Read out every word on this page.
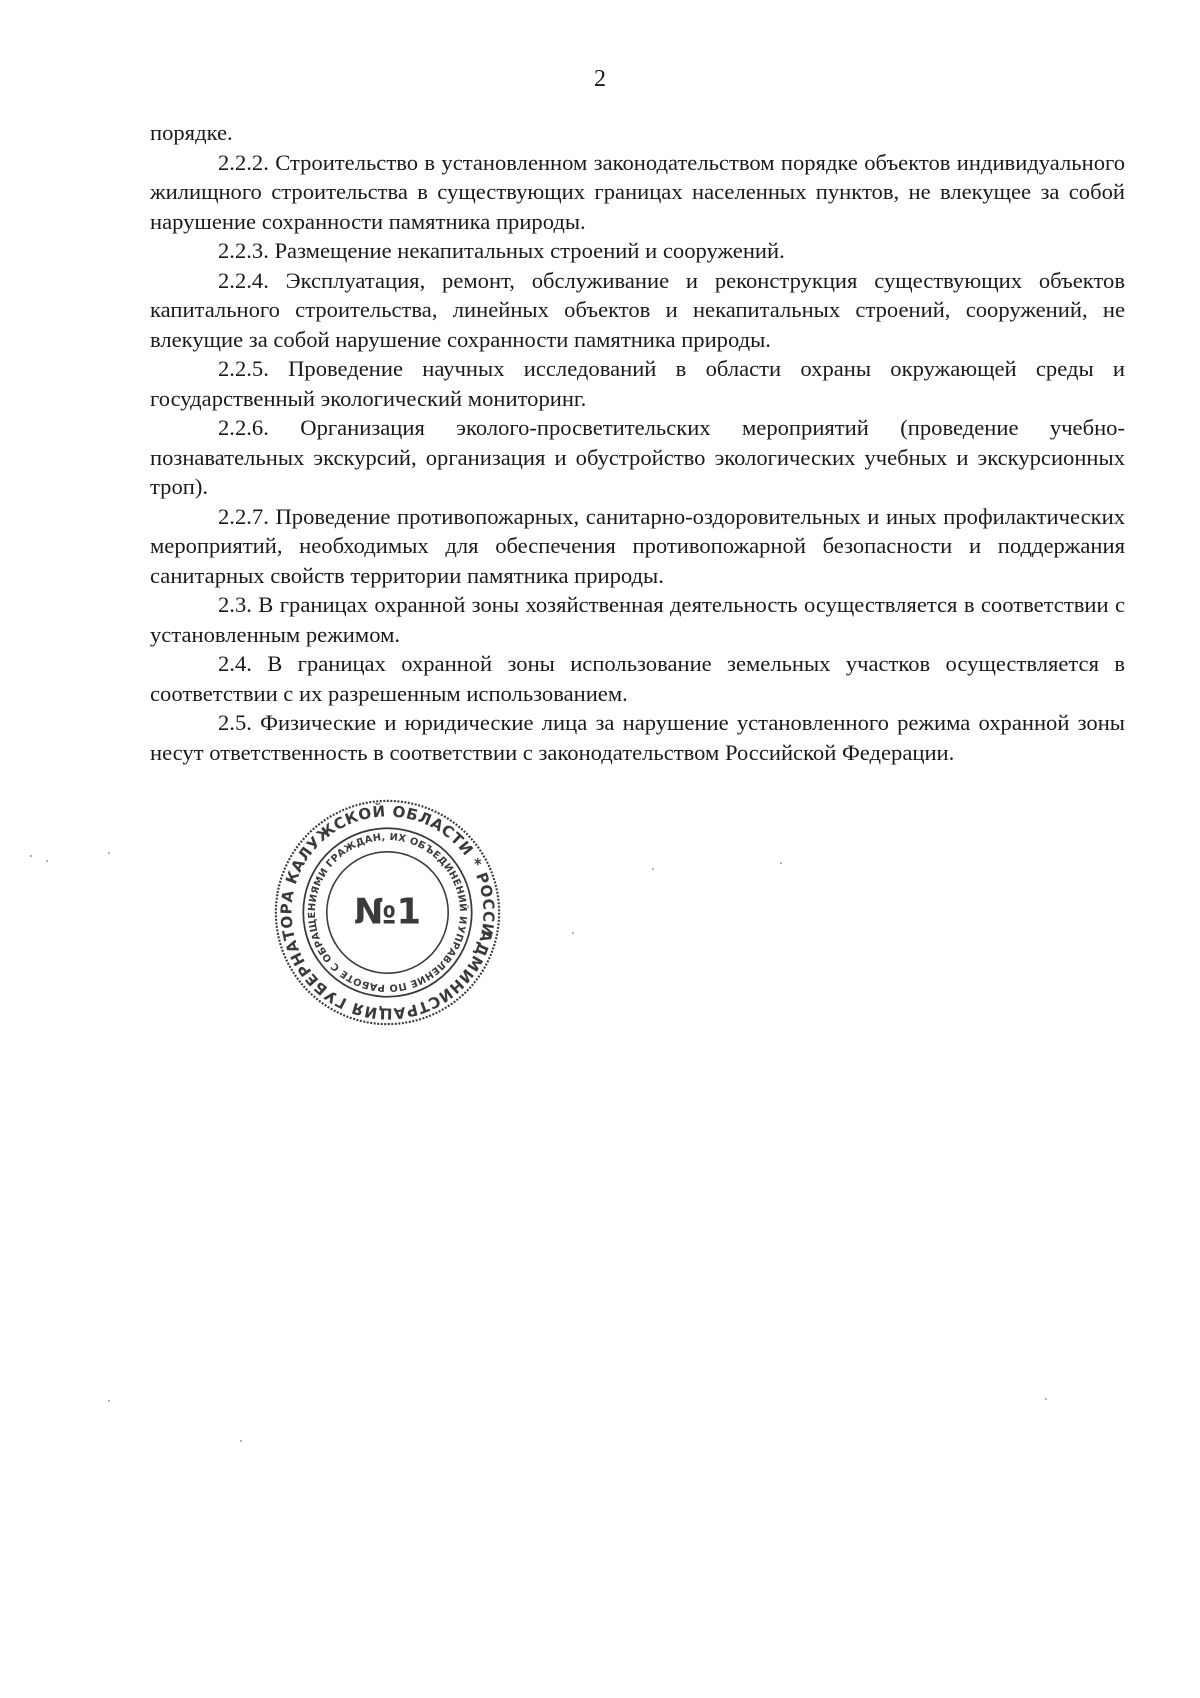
2

порядке.

2.2.2. Строительство в установленном законодательством порядке объектов индивидуального жилищного строительства в существующих границах населенных пунктов, не влекущее за собой нарушение сохранности памятника природы.

2.2.3. Размещение некапитальных строений и сооружений.

2.2.4. Эксплуатация, ремонт, обслуживание и реконструкция существующих объектов капитального строительства, линейных объектов и некапитальных строений, сооружений, не влекущие за собой нарушение сохранности памятника природы.

2.2.5. Проведение научных исследований в области охраны окружающей среды и государственный экологический мониторинг.

2.2.6. Организация эколого-просветительских мероприятий (проведение учебно-познавательных экскурсий, организация и обустройство экологических учебных и экскурсионных троп).

2.2.7. Проведение противопожарных, санитарно-оздоровительных и иных профилактических мероприятий, необходимых для обеспечения противопожарной безопасности и поддержания санитарных свойств территории памятника природы.

2.3. В границах охранной зоны хозяйственная деятельность осуществляется в соответствии с установленным режимом.

2.4. В границах охранной зоны использование земельных участков осуществляется в соответствии с их разрешенным использованием.

2.5. Физические и юридические лица за нарушение установленного режима охранной зоны несут ответственность в соответствии с законодательством Российской Федерации.

АДМИНИСТРАЦИЯ ГУБЕРНАТОРА КАЛУЖСКОЙ ОБЛАСТИ * РОССИЙСКАЯ
УПРАВЛЕНИЕ ПО РАБОТЕ С ОБРАЩЕНИЯМИ ГРАЖДАН, ИХ ОБЪЕДИНЕНИЙ И
№1
